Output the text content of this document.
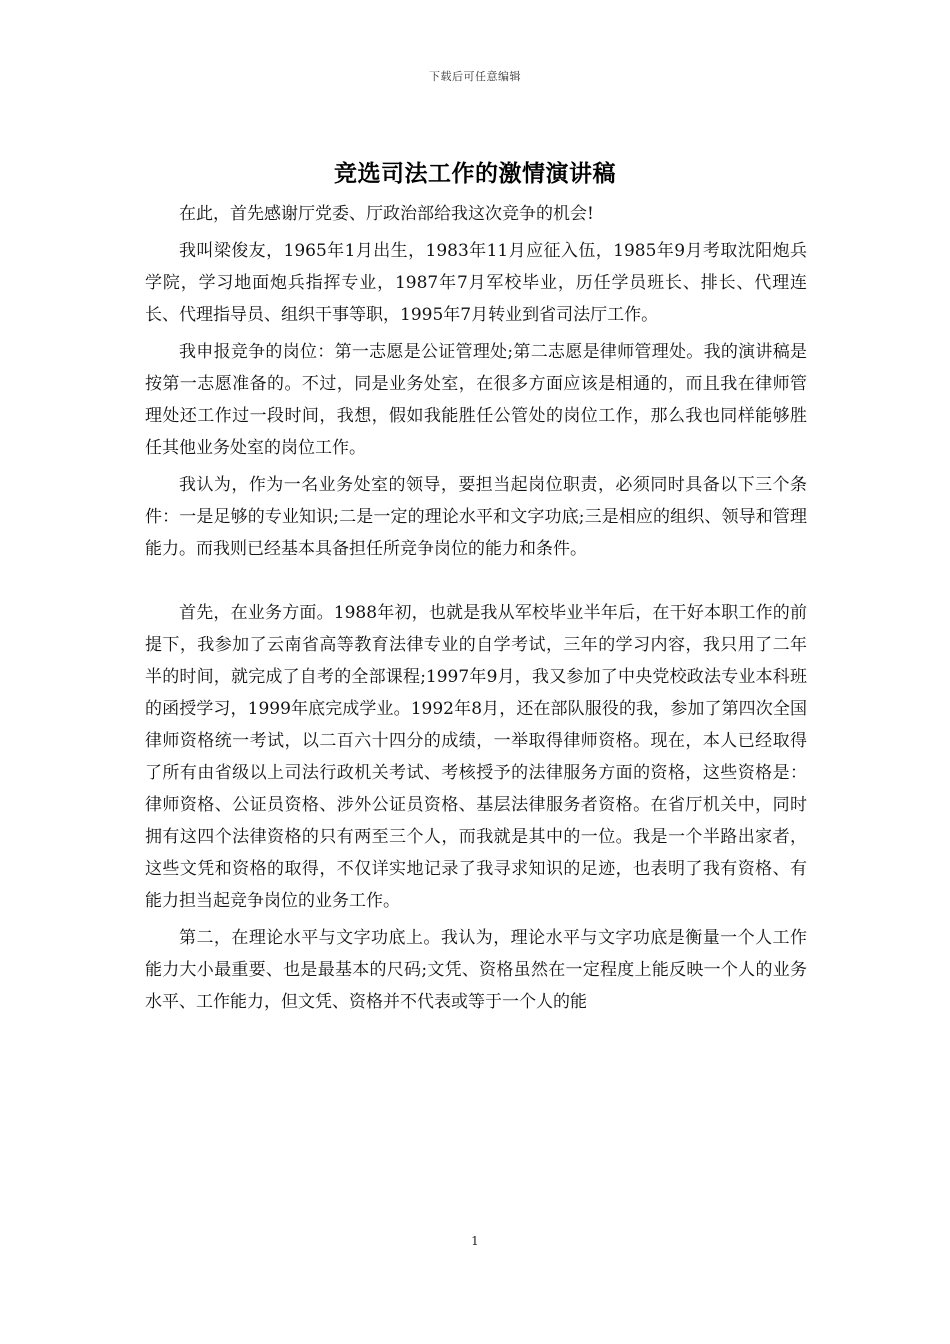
下载后可任意编辑
竞选司法工作的激情演讲稿

在此，首先感谢厅党委、厅政治部给我这次竞争的机会!

我叫梁俊友，1965年1月出生，1983年11月应征入伍，1985年9月考取沈阳炮兵学院，学习地面炮兵指挥专业，1987年7月军校毕业，历任学员班长、排长、代理连长、代理指导员、组织干事等职，1995年7月转业到省司法厅工作。

我申报竞争的岗位：第一志愿是公证管理处;第二志愿是律师管理处。我的演讲稿是按第一志愿准备的。不过，同是业务处室，在很多方面应该是相通的，而且我在律师管理处还工作过一段时间，我想，假如我能胜任公管处的岗位工作，那么我也同样能够胜任其他业务处室的岗位工作。

我认为，作为一名业务处室的领导，要担当起岗位职责，必须同时具备以下三个条件：一是足够的专业知识;二是一定的理论水平和文字功底;三是相应的组织、领导和管理能力。而我则已经基本具备担任所竞争岗位的能力和条件。

首先，在业务方面。1988年初，也就是我从军校毕业半年后，在干好本职工作的前提下，我参加了云南省高等教育法律专业的自学考试，三年的学习内容，我只用了二年半的时间，就完成了自考的全部课程;1997年9月，我又参加了中央党校政法专业本科班的函授学习，1999年底完成学业。1992年8月，还在部队服役的我，参加了第四次全国律师资格统一考试，以二百六十四分的成绩，一举取得律师资格。现在，本人已经取得了所有由省级以上司法行政机关考试、考核授予的法律服务方面的资格，这些资格是：律师资格、公证员资格、涉外公证员资格、基层法律服务者资格。在省厅机关中，同时拥有这四个法律资格的只有两至三个人，而我就是其中的一位。我是一个半路出家者，这些文凭和资格的取得，不仅详实地记录了我寻求知识的足迹，也表明了我有资格、有能力担当起竞争岗位的业务工作。

第二，在理论水平与文字功底上。我认为，理论水平与文字功底是衡量一个人工作能力大小最重要、也是最基本的尺码;文凭、资格虽然在一定程度上能反映一个人的业务水平、工作能力，但文凭、资格并不代表或等于一个人的能

1
